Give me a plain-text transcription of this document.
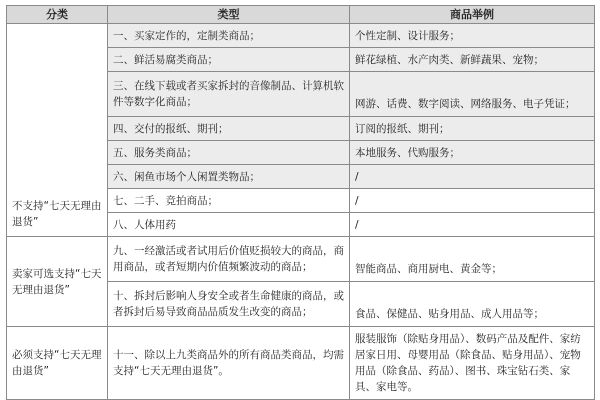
分类	类型	商品举例
不支持“七天无理由退货”	一、买家定作的，定制类商品；	个性定制、设计服务；
	二、鲜活易腐类商品；	鲜花绿植、水产肉类、新鲜蔬果、宠物；
	三、在线下载或者买家拆封的音像制品、计算机软件等数字化商品；	网游、话费、数字阅读、网络服务、电子凭证；
	四、交付的报纸、期刊；	订阅的报纸、期刊；
	五、服务类商品；	本地服务、代购服务；
	六、闲鱼市场个人闲置类物品；	/
	七、二手、竞拍商品；	/
	八、人体用药	/
卖家可选支持“七天无理由退货”	九、一经激活或者试用后价值贬损较大的商品，商用商品，或者短期内价值频繁波动的商品；	智能商品、商用厨电、黄金等；
	十、拆封后影响人身安全或者生命健康的商品，或者拆封后易导致商品品质发生改变的商品；	食品、保健品、贴身用品、成人用品等；
必须支持“七天无理由退货”	十一、除以上九类商品外的所有商品类商品，均需支持“七天无理由退货”。	服装服饰（除贴身用品）、数码产品及配件、家纺居家日用、母婴用品（除食品、贴身用品）、宠物用品（除食品、药品）、图书、珠宝钻石类、家具、家电等。
